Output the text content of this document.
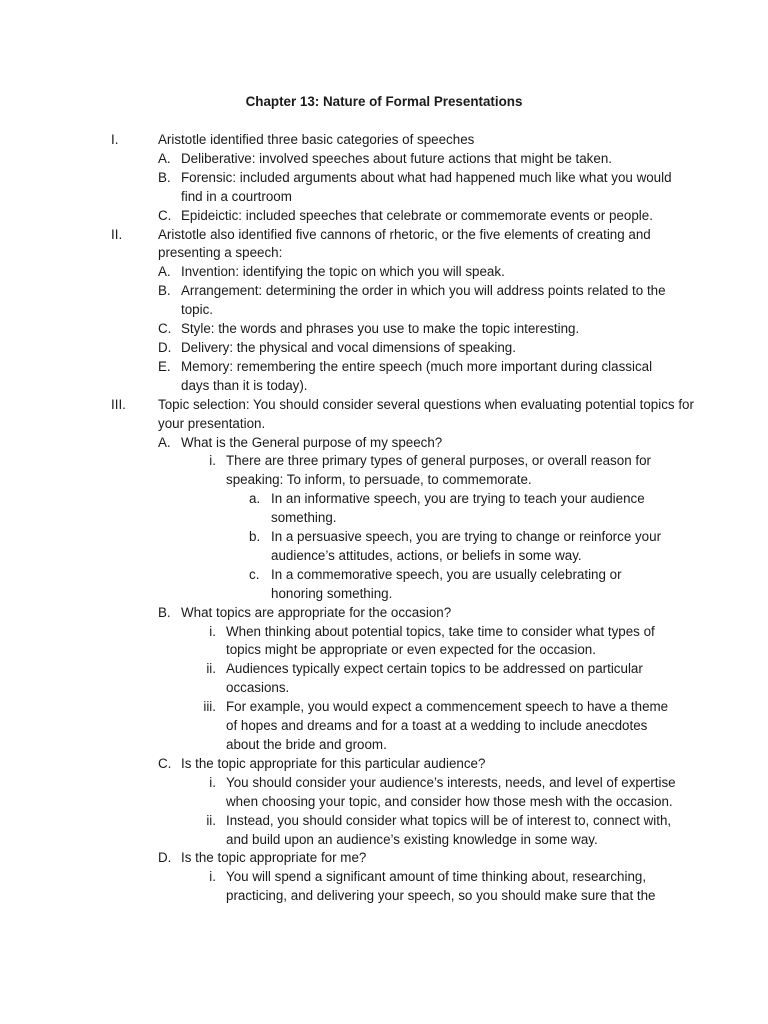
Chapter 13: Nature of Formal Presentations
I.	Aristotle identified three basic categories of speeches
A. Deliberative: involved speeches about future actions that might be taken.
B. Forensic: included arguments about what had happened much like what you would find in a courtroom
C. Epideictic: included speeches that celebrate or commemorate events or people.
II.	Aristotle also identified five cannons of rhetoric, or the five elements of creating and presenting a speech:
A. Invention: identifying the topic on which you will speak.
B. Arrangement: determining the order in which you will address points related to the topic.
C. Style: the words and phrases you use to make the topic interesting.
D. Delivery: the physical and vocal dimensions of speaking.
E. Memory: remembering the entire speech (much more important during classical days than it is today).
III. Topic selection: You should consider several questions when evaluating potential topics for your presentation.
A. What is the General purpose of my speech?
i. There are three primary types of general purposes, or overall reason for speaking: To inform, to persuade, to commemorate.
a. In an informative speech, you are trying to teach your audience something.
b. In a persuasive speech, you are trying to change or reinforce your audience’s attitudes, actions, or beliefs in some way.
c. In a commemorative speech, you are usually celebrating or honoring something.
B. What topics are appropriate for the occasion?
i. When thinking about potential topics, take time to consider what types of topics might be appropriate or even expected for the occasion.
ii. Audiences typically expect certain topics to be addressed on particular occasions.
iii. For example, you would expect a commencement speech to have a theme of hopes and dreams and for a toast at a wedding to include anecdotes about the bride and groom.
C. Is the topic appropriate for this particular audience?
i. You should consider your audience’s interests, needs, and level of expertise when choosing your topic, and consider how those mesh with the occasion.
ii. Instead, you should consider what topics will be of interest to, connect with, and build upon an audience’s existing knowledge in some way.
D. Is the topic appropriate for me?
i. You will spend a significant amount of time thinking about, researching, practicing, and delivering your speech, so you should make sure that the
